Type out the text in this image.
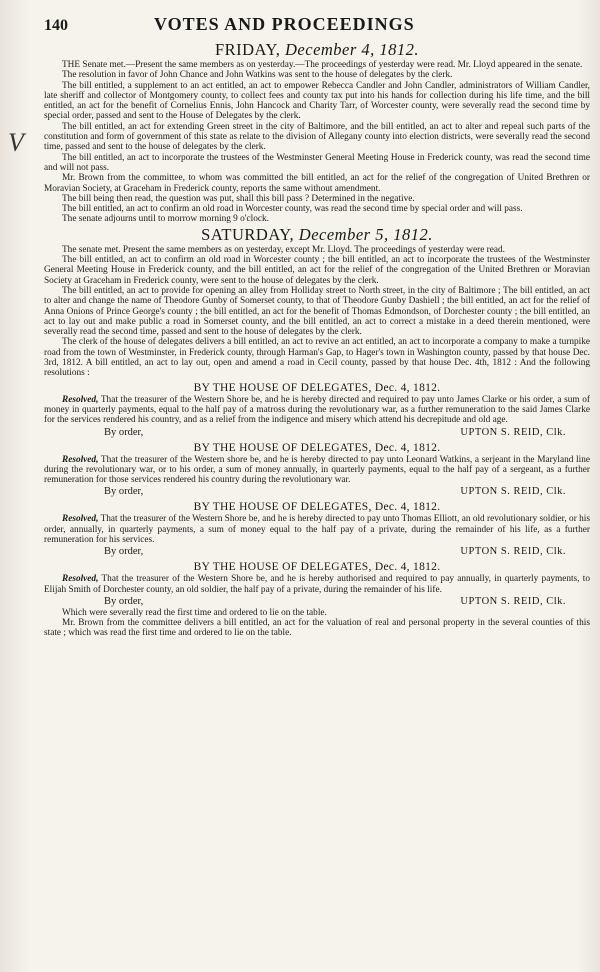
V
140	VOTES AND PROCEEDINGS
FRIDAY, December 4, 1812.

THE Senate met.—Present the same members as on yesterday.—The proceedings of yesterday were read. Mr. Lloyd appeared in the senate.

The resolution in favor of John Chance and John Watkins was sent to the house of delegates by the clerk.

The bill entitled, a supplement to an act entitled, an act to empower Rebecca Candler and John Candler, administrators of William Candler, late sheriff and collector of Montgomery county, to collect fees and county tax put into his hands for collection during his life time, and the bill entitled, an act for the benefit of Cornelius Ennis, John Hancock and Charity Tarr, of Worcester county, were severally read the second time by special order, passed and sent to the House of Delegates by the clerk.

The bill entitled, an act for extending Green street in the city of Baltimore, and the bill entitled, an act to alter and repeal such parts of the constitution and form of government of this state as relate to the division of Allegany county into election districts, were severally read the second time, passed and sent to the house of delegates by the clerk.

The bill entitled, an act to incorporate the trustees of the Westminster General Meeting House in Frederick county, was read the second time and will not pass.

Mr. Brown from the committee, to whom was committed the bill entitled, an act for the relief of the congregation of United Brethren or Moravian Society, at Graceham in Frederick county, reports the same without amendment.

The bill being then read, the question was put, shall this bill pass ? Determined in the negative.

The bill entitled, an act to confirm an old road in Worcester county, was read the second time by special order and will pass.

The senate adjourns until to morrow morning 9 o'clock.

SATURDAY, December 5, 1812.

The senate met. Present the same members as on yesterday, except Mr. Lloyd. The proceedings of yesterday were read.

The bill entitled, an act to confirm an old road in Worcester county ; the bill entitled, an act to incorporate the trustees of the Westminster General Meeting House in Frederick county, and the bill entitled, an act for the relief of the congregation of the United Brethren or Moravian Society at Graceham in Frederick county, were sent to the house of delegates by the clerk.

The bill entitled, an act to provide for opening an alley from Holliday street to North street, in the city of Baltimore ; The bill entitled, an act to alter and change the name of Theodore Gunby of Somerset county, to that of Theodore Gunby Dashiell ; the bill entitled, an act for the relief of Anna Onions of Prince George's county ; the bill entitled, an act for the benefit of Thomas Edmondson, of Dorchester county ; the bill entitled, an act to lay out and make public a road in Somerset county, and the bill entitled, an act to correct a mistake in a deed therein mentioned, were severally read the second time, passed and sent to the house of delegates by the clerk.

The clerk of the house of delegates delivers a bill entitled, an act to revive an act entitled, an act to incorporate a company to make a turnpike road from the town of Westminster, in Frederick county, through Harman's Gap, to Hager's town in Washington county, passed by that house Dec. 3rd, 1812. A bill entitled, an act to lay out, open and amend a road in Cecil county, passed by that house Dec. 4th, 1812 : And the following resolutions :

BY THE HOUSE OF DELEGATES, Dec. 4, 1812.

Resolved, That the treasurer of the Western Shore be, and he is hereby directed and required to pay unto James Clarke or his order, a sum of money in quarterly payments, equal to the half pay of a matross during the revolutionary war, as a further remuneration to the said James Clarke for the services rendered his country, and as a relief from the indigence and misery which attend his decrepitude and old age.

By order,	UPTON S. REID, Clk.
BY THE HOUSE OF DELEGATES, Dec. 4, 1812.

Resolved, That the treasurer of the Western shore be, and he is hereby directed to pay unto Leonard Watkins, a serjeant in the Maryland line during the revolutionary war, or to his order, a sum of money annually, in quarterly payments, equal to the half pay of a sergeant, as a further remuneration for those services rendered his country during the revolutionary war.

By order,	UPTON S. REID, Clk.
BY THE HOUSE OF DELEGATES, Dec. 4, 1812.

Resolved, That the treasurer of the Western Shore be, and he is hereby directed to pay unto Thomas Elliott, an old revolutionary soldier, or his order, annually, in quarterly payments, a sum of money equal to the half pay of a private, during the remainder of his life, as a further remuneration for his services.

By order,	UPTON S. REID, Clk.
BY THE HOUSE OF DELEGATES, Dec. 4, 1812.

Resolved, That the treasurer of the Western Shore be, and he is hereby authorised and required to pay annually, in quarterly payments, to Elijah Smith of Dorchester county, an old soldier, the half pay of a private, during the remainder of his life.

By order,	UPTON S. REID, Clk.

Which were severally read the first time and ordered to lie on the table.

Mr. Brown from the committee delivers a bill entitled, an act for the valuation of real and personal property in the several counties of this state ; which was read the first time and ordered to lie on the table.
